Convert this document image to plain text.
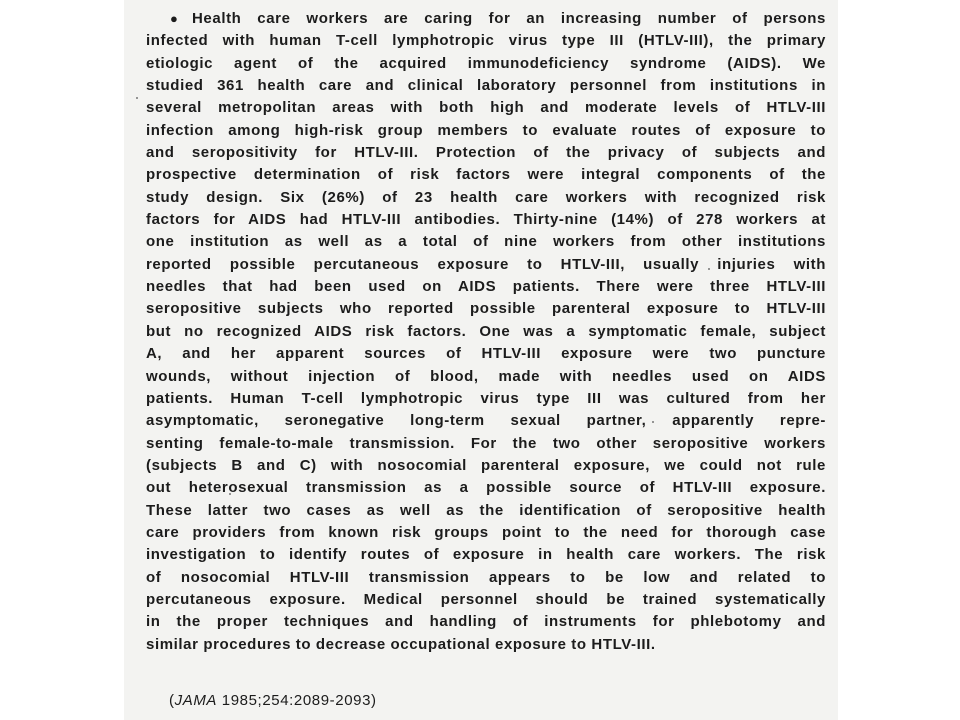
● Health care workers are caring for an increasing number of persons
infected with human T-cell lymphotropic virus type III (HTLV-III), the primary
etiologic agent of the acquired immunodeficiency syndrome (AIDS). We
studied 361 health care and clinical laboratory personnel from institutions in
several metropolitan areas with both high and moderate levels of HTLV-III
infection among high-risk group members to evaluate routes of exposure to
and seropositivity for HTLV-III. Protection of the privacy of subjects and
prospective determination of risk factors were integral components of the
study design. Six (26%) of 23 health care workers with recognized risk
factors for AIDS had HTLV-III antibodies. Thirty-nine (14%) of 278 workers at
one institution as well as a total of nine workers from other institutions
reported possible percutaneous exposure to HTLV-III, usually injuries with
needles that had been used on AIDS patients. There were three HTLV-III
seropositive subjects who reported possible parenteral exposure to HTLV-III
but no recognized AIDS risk factors. One was a symptomatic female, subject
A, and her apparent sources of HTLV-III exposure were two puncture
wounds, without injection of blood, made with needles used on AIDS
patients. Human T-cell lymphotropic virus type III was cultured from her
asymptomatic, seronegative long-term sexual partner, apparently repre-
senting female-to-male transmission. For the two other seropositive workers
(subjects B and C) with nosocomial parenteral exposure, we could not rule
out heterosexual transmission as a possible source of HTLV-III exposure.
These latter two cases as well as the identification of seropositive health
care providers from known risk groups point to the need for thorough case
investigation to identify routes of exposure in health care workers. The risk
of nosocomial HTLV-III transmission appears to be low and related to
percutaneous exposure. Medical personnel should be trained systematically
in the proper techniques and handling of instruments for phlebotomy and
similar procedures to decrease occupational exposure to HTLV-III.
(JAMA 1985;254:2089-2093)
